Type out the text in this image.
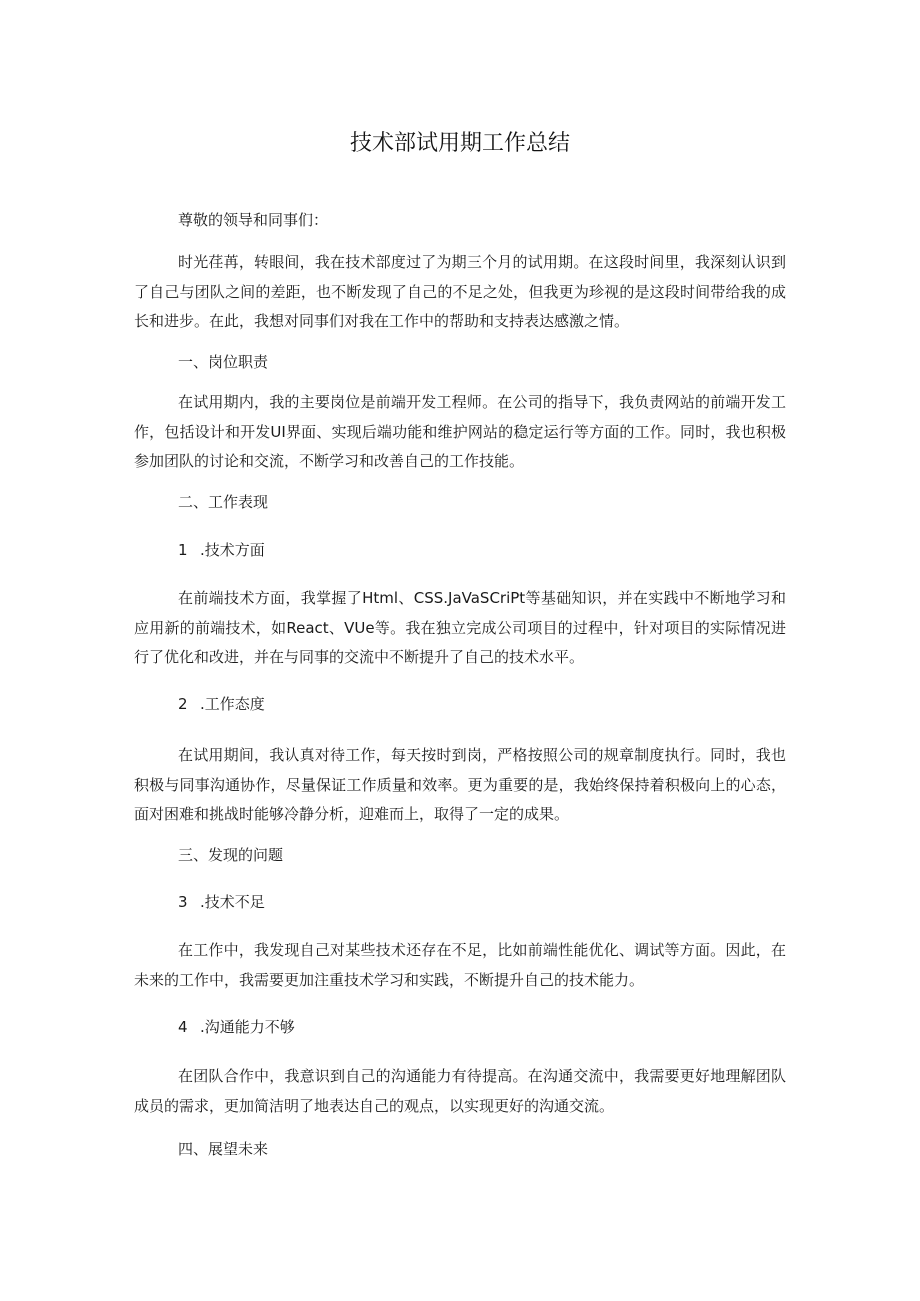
技术部试用期工作总结
尊敬的领导和同事们：
时光荏苒，转眼间，我在技术部度过了为期三个月的试用期。在这段时间里，我深刻认识到了自己与团队之间的差距，也不断发现了自己的不足之处，但我更为珍视的是这段时间带给我的成长和进步。在此，我想对同事们对我在工作中的帮助和支持表达感激之情。
一、岗位职责
在试用期内，我的主要岗位是前端开发工程师。在公司的指导下，我负责网站的前端开发工作，包括设计和开发UI界面、实现后端功能和维护网站的稳定运行等方面的工作。同时，我也积极参加团队的讨论和交流，不断学习和改善自己的工作技能。
二、工作表现
1 .技术方面
在前端技术方面，我掌握了Html、CSS.JaVaSCriPt等基础知识，并在实践中不断地学习和应用新的前端技术，如React、VUe等。我在独立完成公司项目的过程中，针对项目的实际情况进行了优化和改进，并在与同事的交流中不断提升了自己的技术水平。
2 .工作态度
在试用期间，我认真对待工作，每天按时到岗，严格按照公司的规章制度执行。同时，我也积极与同事沟通协作，尽量保证工作质量和效率。更为重要的是，我始终保持着积极向上的心态，面对困难和挑战时能够冷静分析，迎难而上，取得了一定的成果。
三、发现的问题
3 .技术不足
在工作中，我发现自己对某些技术还存在不足，比如前端性能优化、调试等方面。因此，在未来的工作中，我需要更加注重技术学习和实践，不断提升自己的技术能力。
4 .沟通能力不够
在团队合作中，我意识到自己的沟通能力有待提高。在沟通交流中，我需要更好地理解团队成员的需求，更加简洁明了地表达自己的观点，以实现更好的沟通交流。
四、展望未来
